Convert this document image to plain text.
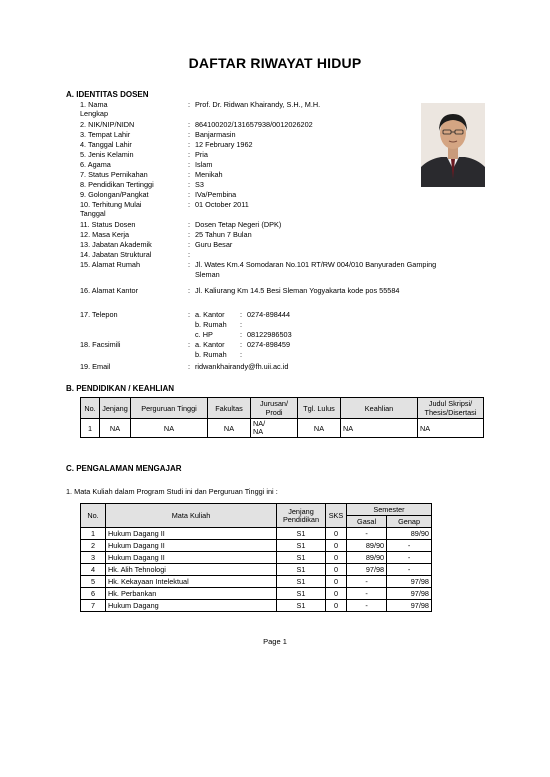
DAFTAR RIWAYAT HIDUP
A. IDENTITAS DOSEN
1. Nama	: Prof. Dr. Ridwan Khairandy, S.H., M.H.
Lengkap
2. NIK/NIP/NIDN	: 864100202/131657938/0012026202
3. Tempat Lahir	: Banjarmasin
4. Tanggal Lahir	: 12 February 1962
5. Jenis Kelamin	: Pria
6. Agama	: Islam
7. Status Pernikahan	: Menikah
8. Pendidikan Tertinggi	: S3
9. Golongan/Pangkat	: IVa/Pembina
10. Terhitung Mulai	: 01 October 2011
Tanggal
11. Status Dosen	: Dosen Tetap Negeri (DPK)
12. Masa Kerja	: 25 Tahun 7 Bulan
13. Jabatan Akademik	: Guru Besar
14. Jabatan Struktural	:
15. Alamat Rumah	: Jl. Wates Km.4 Somodaran No.101 RT/RW 004/010 Banyuraden Gamping
Sleman
16. Alamat Kantor	: Jl. Kaliurang Km 14.5 Besi Sleman Yogyakarta kode pos 55584
17. Telepon	: a. Kantor : 0274-898444
b. Rumah :
c. HP	: 08122986503
18. Facsimili	: a. Kantor : 0274-898459
b. Rumah :
19. Email	: ridwankhairandy@fh.uii.ac.id
B. PENDIDIKAN / KEAHLIAN
No.	Jenjang	Perguruan Tinggi	Fakultas	Jurusan/ Prodi	Tgl. Lulus	Keahlian	Judul Skripsi/ Thesis/Disertasi
1	NA	NA	NA	NA/
NA	NA	NA	NA
C. PENGALAMAN MENGAJAR
1. Mata Kuliah dalam Program Studi ini dan Perguruan Tinggi ini :
No.	Mata Kuliah	Jenjang Pendidikan	SKS	Semester	
				Gasal	Genap
1	Hukum Dagang II	S1	0	-	89/90
2	Hukum Dagang II	S1	0	89/90	-
3	Hukum Dagang II	S1	0	89/90	-
4	Hk. Alih Tehnologi	S1	0	97/98	-
5	Hk. Kekayaan Intelektual	S1	0	-	97/98
6	Hk. Perbankan	S1	0	-	97/98
7	Hukum Dagang	S1	0	-	97/98
Page 1
